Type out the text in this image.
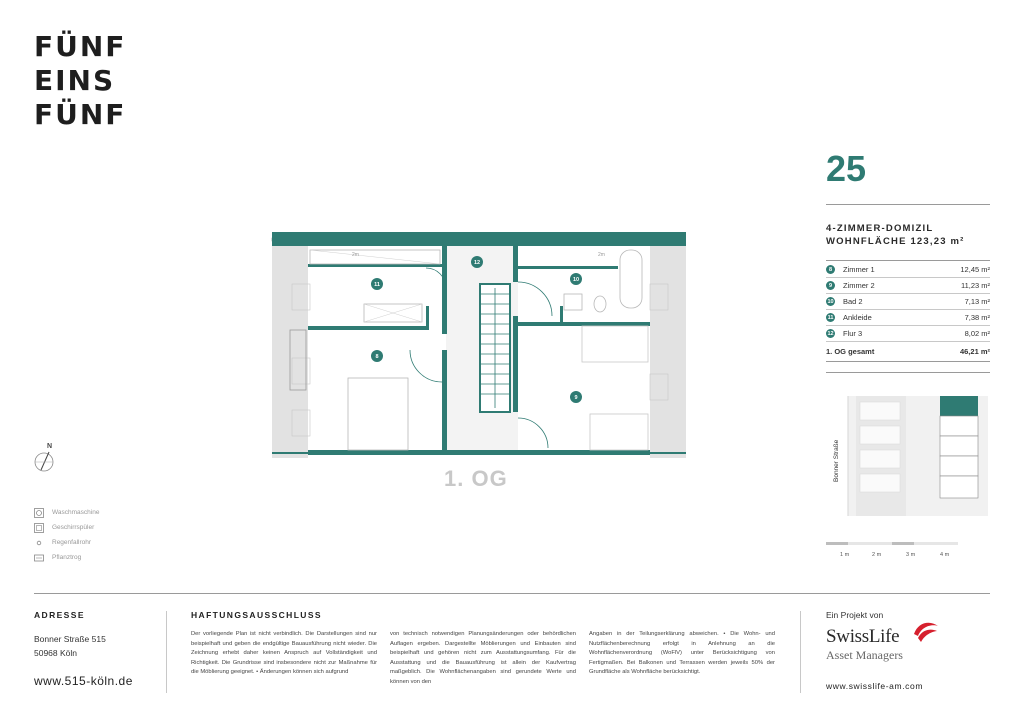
FÜNF
EINS
FÜNF
25
4-ZIMMER-DOMIZIL
WOHNFLÄCHE 123,23 m²
8	Zimmer 1	12,45 m²
9	Zimmer 2	11,23 m²
10 Bad 2	7,13 m²
11 Ankleide	7,38 m²
12 Flur 3	8,02 m²
1. OG gesamt	46,21 m²
Bonner Straße
1 m	2 m	3 m	4 m
2m	2m
8
9
10
11
12
1. OG
N
Waschmaschine
Geschirrspüler
Regenfallrohr
Pflanztrog
ADRESSE
Bonner Straße 515
50968 Köln
www.515-köln.de
HAFTUNGSAUSSCHLUSS
Der vorliegende Plan ist nicht verbindlich. Die Darstellungen sind nur beispielhaft und geben die endgültige Bauausführung nicht wieder. Die Zeichnung erhebt daher keinen Anspruch auf Vollständigkeit und Richtigkeit. Die Grundrisse sind insbesondere nicht zur Maßnahme für die Möblierung geeignet. • Änderungen können sich aufgrund
von technisch notwendigen Planungsänderungen oder behördlichen Auflagen ergeben. Dargestellte Möblierungen und Einbauten sind beispielhaft und gehören nicht zum Ausstattungsumfang. Für die Ausstattung und die Bauausführung ist allein der Kaufvertrag maßgeblich. Die Wohnflächenangaben sind gerundete Werte und können von den
Angaben in der Teilungserklärung abweichen. • Die Wohn- und Nutzflächenberechnung erfolgt in Anlehnung an die Wohnflächenverordnung (WoFlV) unter Berücksichtigung von Fertigmaßen. Bei Balkonen und Terrassen werden jeweils 50% der Grundfläche als Wohnfläche berücksichtigt.
Ein Projekt von
SwissLife
Asset Managers
www.swisslife-am.com
